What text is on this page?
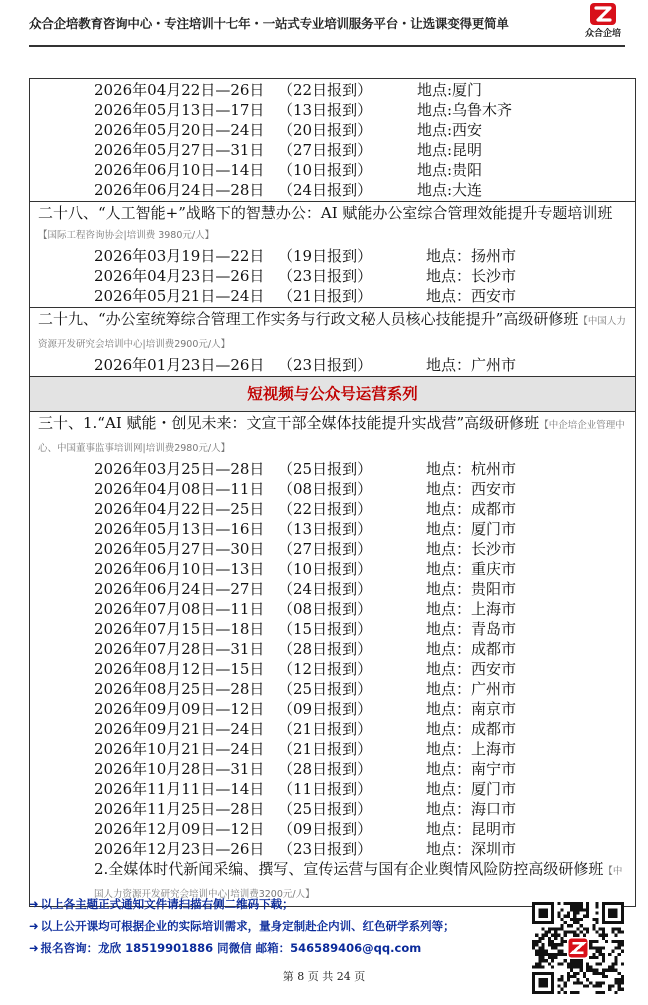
众合企培教育咨询中心・专注培训十七年・一站式专业培训服务平台・让选课变得更简单
众合企培
2026年04月22日—26日 （22日报到）	地点:厦门
2026年05月13日—17日 （13日报到）	地点:乌鲁木齐
2026年05月20日—24日 （20日报到）	地点:西安
2026年05月27日—31日 （27日报到）	地点:昆明
2026年06月10日—14日 （10日报到）	地点:贵阳
2026年06月24日—28日 （24日报到）	地点:大连
二十八、“人工智能+”战略下的智慧办公：AI 赋能办公室综合管理效能提升专题培训班【国际工程咨询协会|培训费 3980元/人】
2026年03月19日—22日 （19日报到）	地点：扬州市
2026年04月23日—26日 （23日报到）	地点：长沙市
2026年05月21日—24日 （21日报到）	地点：西安市
二十九、“办公室统筹综合管理工作实务与行政文秘人员核心技能提升”高级研修班【中国人力资源开发研究会培训中心|培训费2900元/人】
2026年01月23日—26日 （23日报到）	地点：广州市
短视频与公众号运营系列
三十、1.“AI 赋能・创见未来：文宣干部全媒体技能提升实战营”高级研修班【中企培企业管理中心、中国董事监事培训网|培训费2980元/人】
2026年03月25日—28日 （25日报到）	地点：杭州市
2026年04月08日—11日 （08日报到）	地点：西安市
2026年04月22日—25日 （22日报到）	地点：成都市
2026年05月13日—16日 （13日报到）	地点：厦门市
2026年05月27日—30日 （27日报到）	地点：长沙市
2026年06月10日—13日 （10日报到）	地点：重庆市
2026年06月24日—27日 （24日报到）	地点：贵阳市
2026年07月08日—11日 （08日报到）	地点：上海市
2026年07月15日—18日 （15日报到）	地点：青岛市
2026年07月28日—31日 （28日报到）	地点：成都市
2026年08月12日—15日 （12日报到）	地点：西安市
2026年08月25日—28日 （25日报到）	地点：广州市
2026年09月09日—12日 （09日报到）	地点：南京市
2026年09月21日—24日 （21日报到）	地点：成都市
2026年10月21日—24日 （21日报到）	地点：上海市
2026年10月28日—31日 （28日报到）	地点：南宁市
2026年11月11日—14日 （11日报到）	地点：厦门市
2026年11月25日—28日 （25日报到）	地点：海口市
2026年12月09日—12日 （09日报到）	地点：昆明市
2026年12月23日—26日 （23日报到）	地点：深圳市
2.全媒体时代新闻采编、撰写、宣传运营与国有企业舆情风险防控高级研修班【中国人力资源开发研究会培训中心|培训费3200元/人】
➜ 以上各主题正式通知文件请扫描右侧二维码下载；
➜ 以上公开课均可根据企业的实际培训需求，量身定制赴企内训、红色研学系列等；
➜ 报名咨询：龙欣 18519901886 同微信 邮箱：546589406@qq.com
第 8 页 共 24 页
